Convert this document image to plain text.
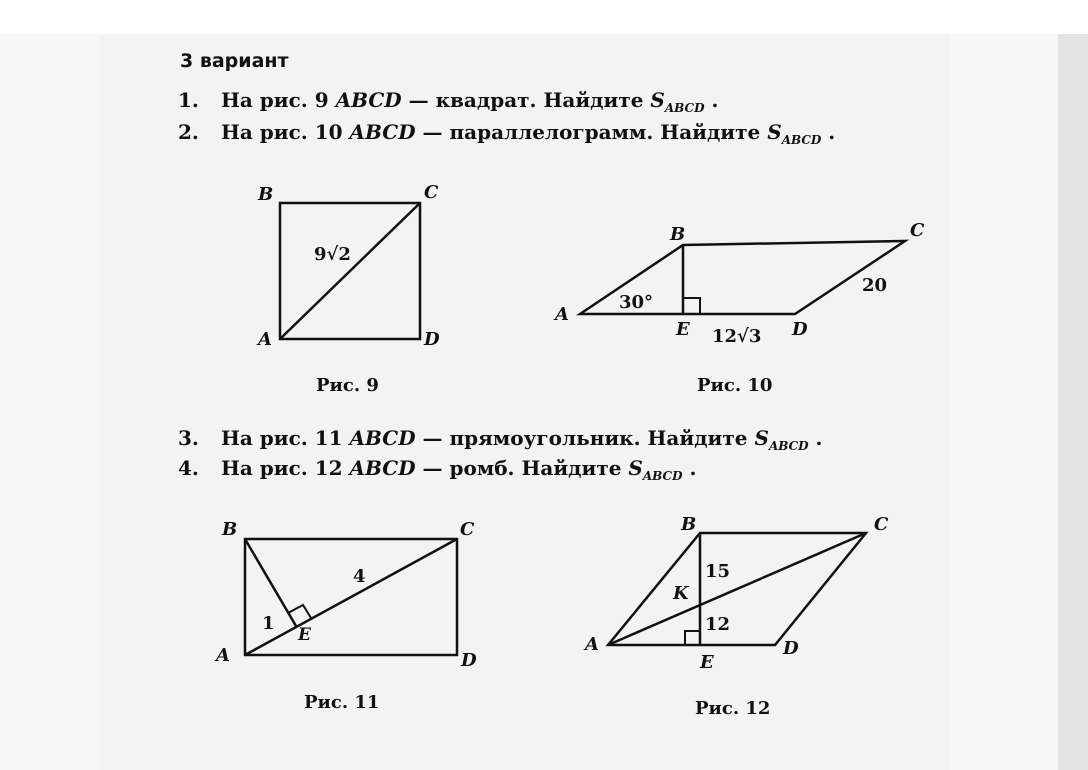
3 вариант
1. На рис. 9 ABCD — квадрат. Найдите $S_{ABCD}$ .
2. На рис. 10 ABCD — параллелограмм. Найдите $S_{ABCD}$ .
3. На рис. 11 ABCD — прямоугольник. Найдите $S_{ABCD}$ .
4. На рис. 12 ABCD — ромб. Найдите $S_{ABCD}$ .
B	C
A	D
9√2
B	C
A
E	D
30°
20
12√3
B	C
A	D
E
1
4
B	C
A	D
E
K
15
12
Рис. 9	Рис. 10
Рис. 11	Рис. 12
